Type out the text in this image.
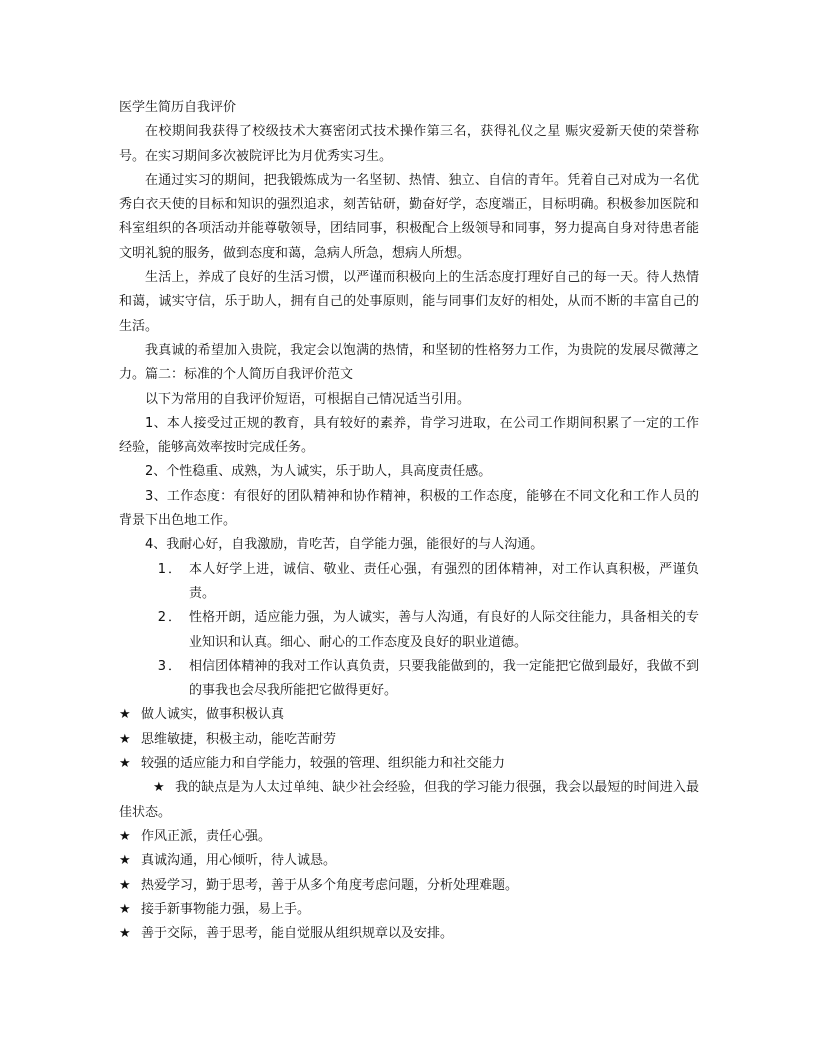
医学生简历自我评价

在校期间我获得了校级技术大赛密闭式技术操作第三名，获得礼仪之星 赈灾爱新天使的荣誉称号。在实习期间多次被院评比为月优秀实习生。

在通过实习的期间，把我锻炼成为一名坚韧、热情、独立、自信的青年。凭着自己对成为一名优秀白衣天使的目标和知识的强烈追求，刻苦钻研，勤奋好学，态度端正，目标明确。积极参加医院和科室组织的各项活动并能尊敬领导，团结同事，积极配合上级领导和同事，努力提高自身对待患者能文明礼貌的服务，做到态度和蔼，急病人所急，想病人所想。

生活上，养成了良好的生活习惯，以严谨而积极向上的生活态度打理好自己的每一天。待人热情和蔼，诚实守信，乐于助人，拥有自己的处事原则，能与同事们友好的相处，从而不断的丰富自己的生活。

我真诚的希望加入贵院，我定会以饱满的热情，和坚韧的性格努力工作，为贵院的发展尽微薄之力。篇二：标准的个人简历自我评价范文

以下为常用的自我评价短语，可根据自己情况适当引用。

1、本人接受过正规的教育，具有较好的素养，肯学习进取，在公司工作期间积累了一定的工作经验，能够高效率按时完成任务。

2、个性稳重、成熟，为人诚实，乐于助人，具高度责任感。

3、工作态度：有很好的团队精神和协作精神，积极的工作态度，能够在不同文化和工作人员的背景下出色地工作。

4、我耐心好，自我激励，肯吃苦，自学能力强，能很好的与人沟通。

1． 本人好学上进，诚信、敬业、责任心强，有强烈的团体精神，对工作认真积极，严谨负责。
2． 性格开朗，适应能力强，为人诚实，善与人沟通，有良好的人际交往能力，具备相关的专业知识和认真。细心、耐心的工作态度及良好的职业道德。
3． 相信团体精神的我对工作认真负责，只要我能做到的，我一定能把它做到最好，我做不到的事我也会尽我所能把它做得更好。

★ 做人诚实，做事积极认真

★ 思维敏捷，积极主动，能吃苦耐劳

★ 较强的适应能力和自学能力，较强的管理、组织能力和社交能力

★ 我的缺点是为人太过单纯、缺少社会经验，但我的学习能力很强，我会以最短的时间进入最佳状态。

★ 作风正派，责任心强。

★ 真诚沟通，用心倾听，待人诚恳。

★ 热爱学习，勤于思考，善于从多个角度考虑问题，分析处理难题。

★ 接手新事物能力强，易上手。

★ 善于交际，善于思考，能自觉服从组织规章以及安排。
